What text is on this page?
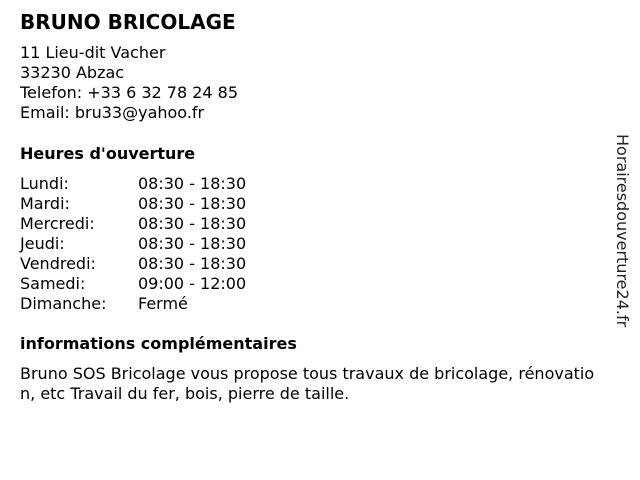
BRUNO BRICOLAGE
11 Lieu-dit Vacher
33230 Abzac
Telefon: +33 6 32 78 24 85
Email: bru33@yahoo.fr
Heures d'ouverture
Lundi:	08:30 - 18:30
Mardi:	08:30 - 18:30
Mercredi:	08:30 - 18:30
Jeudi:	08:30 - 18:30
Vendredi:	08:30 - 18:30
Samedi:	09:00 - 12:00
Dimanche:	Fermé
informations complémentaires

Bruno SOS Bricolage vous propose tous travaux de bricolage, rénovation, etc Travail du fer, bois, pierre de taille.

Horairesdouverture24.fr
